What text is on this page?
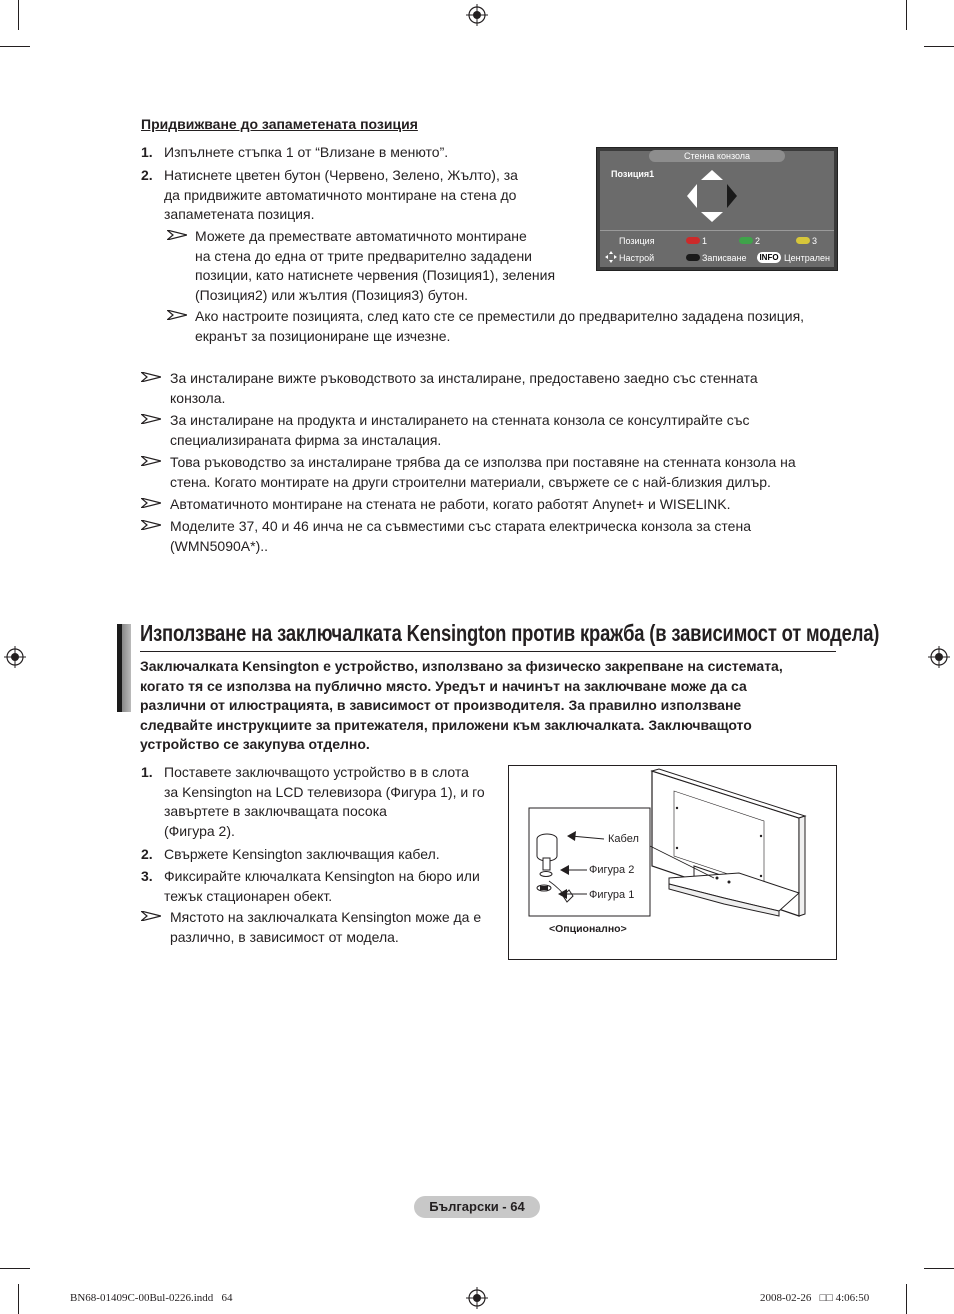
Придвижване до запаметената позиция
1. Изпълнете стъпка 1 от “Влизане в менюто”.
2. Натиснете цветен бутон (Червено, Зелено, Жълто), за
да придвижите автоматичното монтиране на стена до
запаметената позиция.
Можете да премествате автоматичното монтиране
на стена до една от трите предварително зададени
позиции, като натиснете червения (Позиция1), зеления
(Позиция2) или жълтия (Позиция3) бутон.
Ако настроите позицията, след като сте се преместили до предварително зададена позиция,
екранът за позициониране ще изчезне.
Стенна конзола
Позиция1
Позиция	1	2	3
Настрой	Записване	INFO Централен
За инсталиране вижте ръководството за инсталиране, предоставено заедно със стенната
конзола.
За инсталиране на продукта и инсталирането на стенната конзола се консултирайте със
специализираната фирма за инсталация.
Това ръководство за инсталиране трябва да се използва при поставяне на стенната конзола на
стена. Когато монтирате на други строителни материали, свържете се с най-близкия дилър.
Автоматичното монтиране на стената не работи, когато работят Anynet+ и WISELINK.
Моделите 37, 40 и 46 инча не са съвместими със старата електрическа конзола за стена
(WMN5090A*)..
Използване на заключалката Kensington против кражба (в зависимост от модела)
Заключалката Kensington е устройство, използвано за физическо закрепване на системата,
когато тя се използва на публично място. Уредът и начинът на заключване може да са
различни от илюстрацията, в зависимост от производителя. За правилно използване
следвайте инструкциите за притежателя, приложени към заключалката. Заключващото
устройство се закупува отделно.
1. Поставете заключващото устройство в в слота
за Kensington на LCD телевизора (Фигура 1), и го
завъртете в заключващата посока
(Фигура 2).
2. Свържете Kensington заключващия кабел.
3. Фиксирайте ключалката Kensington на бюро или
тежък стационарен обект.
Мястото на заключалката Kensington може да е
различно, в зависимост от модела.
Кабел
Фигура 2
Фигура 1
<Опционално>
Български - 64
BN68-01409C-00Bul-0226.indd   64	2008-02-26   □□ 4:06:50
